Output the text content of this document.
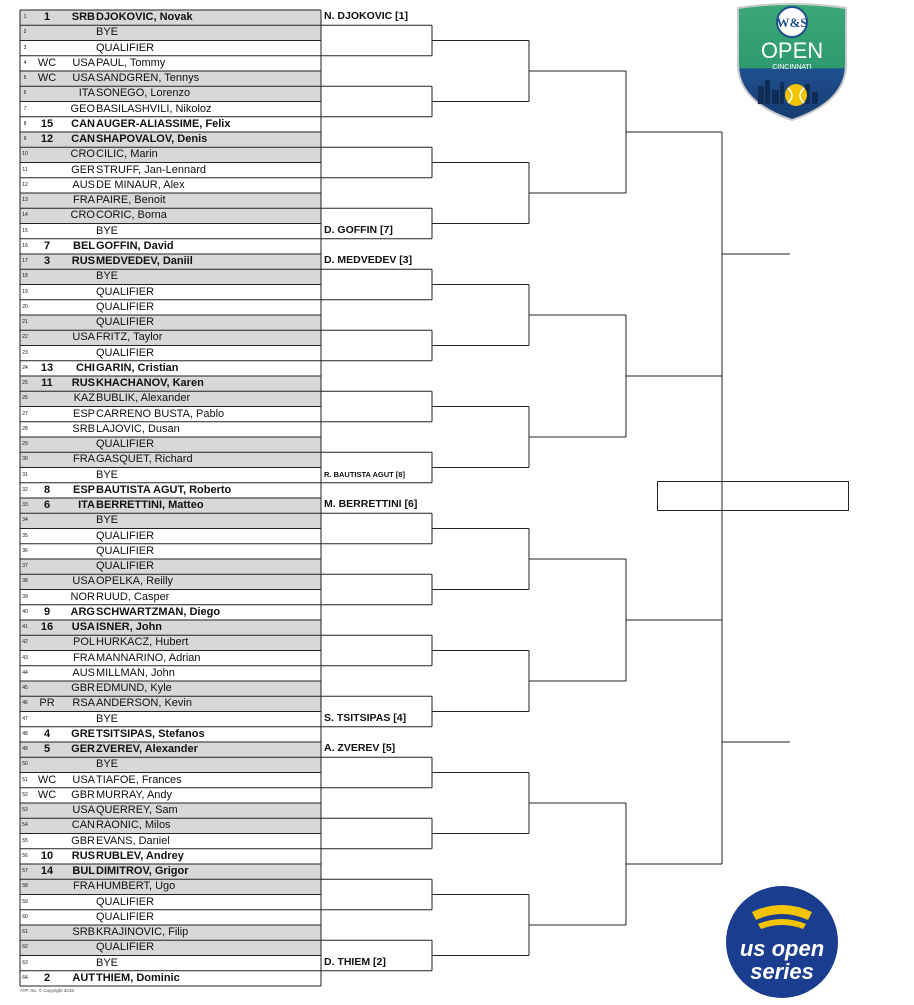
1	1	SRB DJOKOVIC, Novak
2	BYE
3	QUALIFIER
4	WC	USA PAUL, Tommy
5	WC	USA SANDGREN, Tennys
6	ITA SONEGO, Lorenzo
7	GEO BASILASHVILI, Nikoloz
8	15	CAN AUGER-ALIASSIME, Felix
9	12	CAN SHAPOVALOV, Denis
10	CRO CILIC, Marin
11	GER STRUFF, Jan-Lennard
12	AUS DE MINAUR, Alex
13	FRA PAIRE, Benoit
14	CRO CORIC, Borna
15	BYE
16	7	BEL GOFFIN, David
17	3	RUS MEDVEDEV, Daniil
18	BYE
19	QUALIFIER
20	QUALIFIER
21	QUALIFIER
22	USA FRITZ, Taylor
23	QUALIFIER
24	13	CHI GARIN, Cristian
25	11	RUS KHACHANOV, Karen
26	KAZ BUBLIK, Alexander
27	ESP CARRENO BUSTA, Pablo
28	SRB LAJOVIC, Dusan
29	QUALIFIER
30	FRA GASQUET, Richard
31	BYE
32	8	ESP BAUTISTA AGUT, Roberto
33	6	ITA BERRETTINI, Matteo
34	BYE
35	QUALIFIER
36	QUALIFIER
37	QUALIFIER
38	USA OPELKA, Reilly
39	NOR RUUD, Casper
40	9	ARG SCHWARTZMAN, Diego
41	16	USA ISNER, John
42	POL HURKACZ, Hubert
43	FRA MANNARINO, Adrian
44	AUS MILLMAN, John
45	GBR EDMUND, Kyle
46	PR	RSA ANDERSON, Kevin
47	BYE
48	4	GRE TSITSIPAS, Stefanos
49	5	GER ZVEREV, Alexander
50	BYE
51 WC	USA TIAFOE, Frances
52 WC	GBR MURRAY, Andy
53	USA QUERREY, Sam
54	CAN RAONIC, Milos
55	GBR EVANS, Daniel
56	10	RUS RUBLEV, Andrey
57	14	BUL DIMITROV, Grigor
58	FRA HUMBERT, Ugo
59	QUALIFIER
60	QUALIFIER
61	SRB KRAJINOVIC, Filip
62	QUALIFIER
63	BYE
64	2	AUT THIEM, Dominic
N. DJOKOVIC [1]
D. GOFFIN [7]
D. MEDVEDEV [3]
R. BAUTISTA AGUT [8]
M. BERRETTINI [6]
S. TSITSIPAS [4]
A. ZVEREV [5]
D. THIEM [2]
W&S
OPEN
CINCINNATI
us open
series
ATP, Inc. © Copyright 2019
